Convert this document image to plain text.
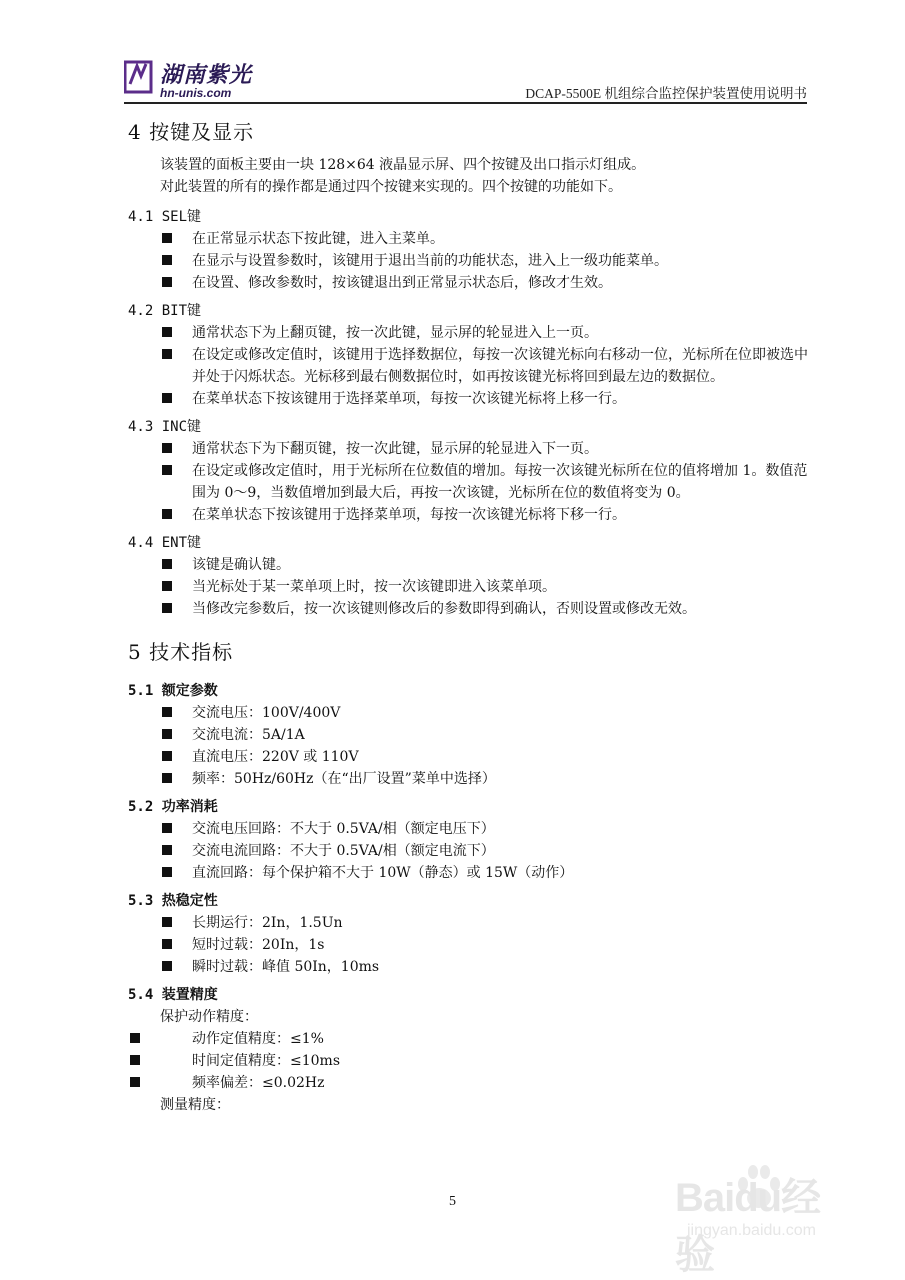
湖南紫光
hn-unis.com	DCAP-5500E 机组综合监控保护装置使用说明书
4 按键及显示

该装置的面板主要由一块 128×64 液晶显示屏、四个按键及出口指示灯组成。

对此装置的所有的操作都是通过四个按键来实现的。四个按键的功能如下。

4.1 SEL键

在正常显示状态下按此键，进入主菜单。
在显示与设置参数时，该键用于退出当前的功能状态，进入上一级功能菜单。
在设置、修改参数时，按该键退出到正常显示状态后，修改才生效。

4.2 BIT键

通常状态下为上翻页键，按一次此键，显示屏的轮显进入上一页。
在设定或修改定值时，该键用于选择数据位，每按一次该键光标向右移动一位，光标所在位即被选中并处于闪烁状态。光标移到最右侧数据位时，如再按该键光标将回到最左边的数据位。
在菜单状态下按该键用于选择菜单项，每按一次该键光标将上移一行。

4.3 INC键

通常状态下为下翻页键，按一次此键，显示屏的轮显进入下一页。
在设定或修改定值时，用于光标所在位数值的增加。每按一次该键光标所在位的值将增加 1。数值范围为 0～9，当数值增加到最大后，再按一次该键，光标所在位的数值将变为 0。
在菜单状态下按该键用于选择菜单项，每按一次该键光标将下移一行。

4.4 ENT键

该键是确认键。
当光标处于某一菜单项上时，按一次该键即进入该菜单项。
当修改完参数后，按一次该键则修改后的参数即得到确认，否则设置或修改无效。
5 技术指标

5.1 额定参数

交流电压：100V/400V
交流电流：5A/1A
直流电压：220V 或 110V
频率：50Hz/60Hz（在“出厂设置”菜单中选择）

5.2 功率消耗

交流电压回路：不大于 0.5VA/相（额定电压下）
交流电流回路：不大于 0.5VA/相（额定电流下）
直流回路：每个保护箱不大于 10W（静态）或 15W（动作）

5.3 热稳定性

长期运行：2In，1.5Un
短时过载：20In，1s
瞬时过载：峰值 50In，10ms

5.4 装置精度

保护动作精度：

动作定值精度：≤1%
时间定值精度：≤10ms
频率偏差：≤0.02Hz

测量精度：

5	Baidu经验
jingyan.baidu.com
